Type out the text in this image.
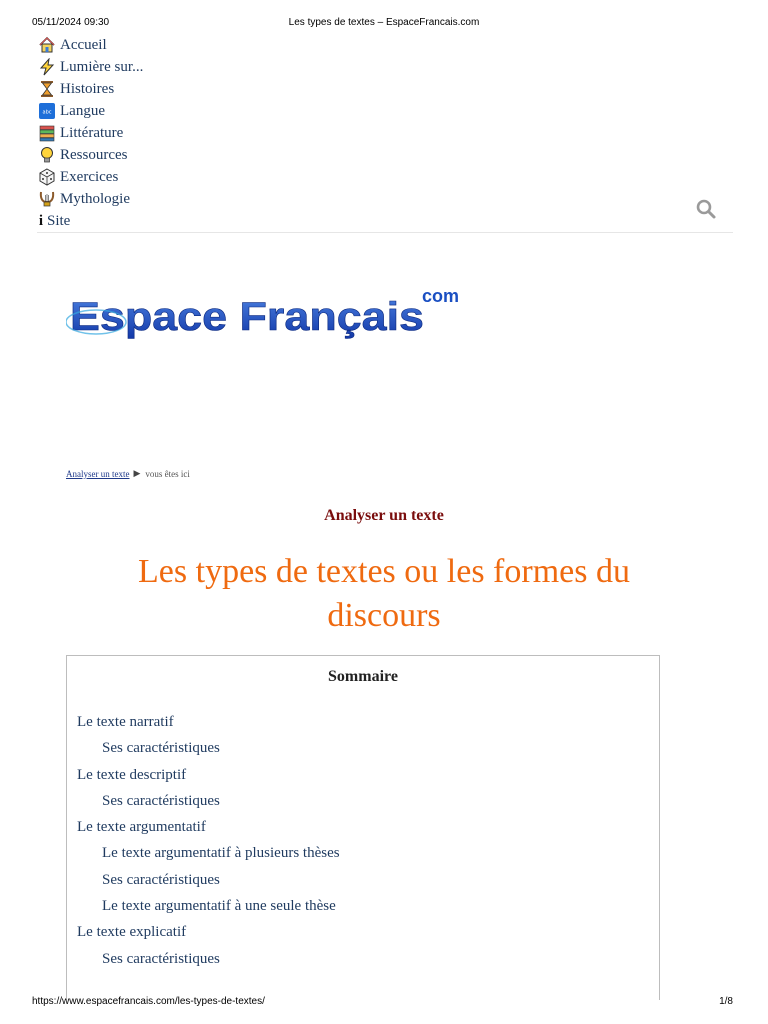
05/11/2024 09:30	Les types de textes – EspaceFrancais.com
Accueil
Lumière sur...
Histoires
abc Langue
Littérature
Ressources
Exercices
Mythologie
i Site
Espace Français
com
Analyser un texte ▶ vous êtes ici
Analyser un texte
Les types de textes ou les formes du discours
Sommaire
Le texte narratif
Ses caractéristiques
Le texte descriptif
Ses caractéristiques
Le texte argumentatif
Le texte argumentatif à plusieurs thèses
Ses caractéristiques
Le texte argumentatif à une seule thèse
Le texte explicatif
Ses caractéristiques
https://www.espacefrancais.com/les-types-de-textes/	1/8
